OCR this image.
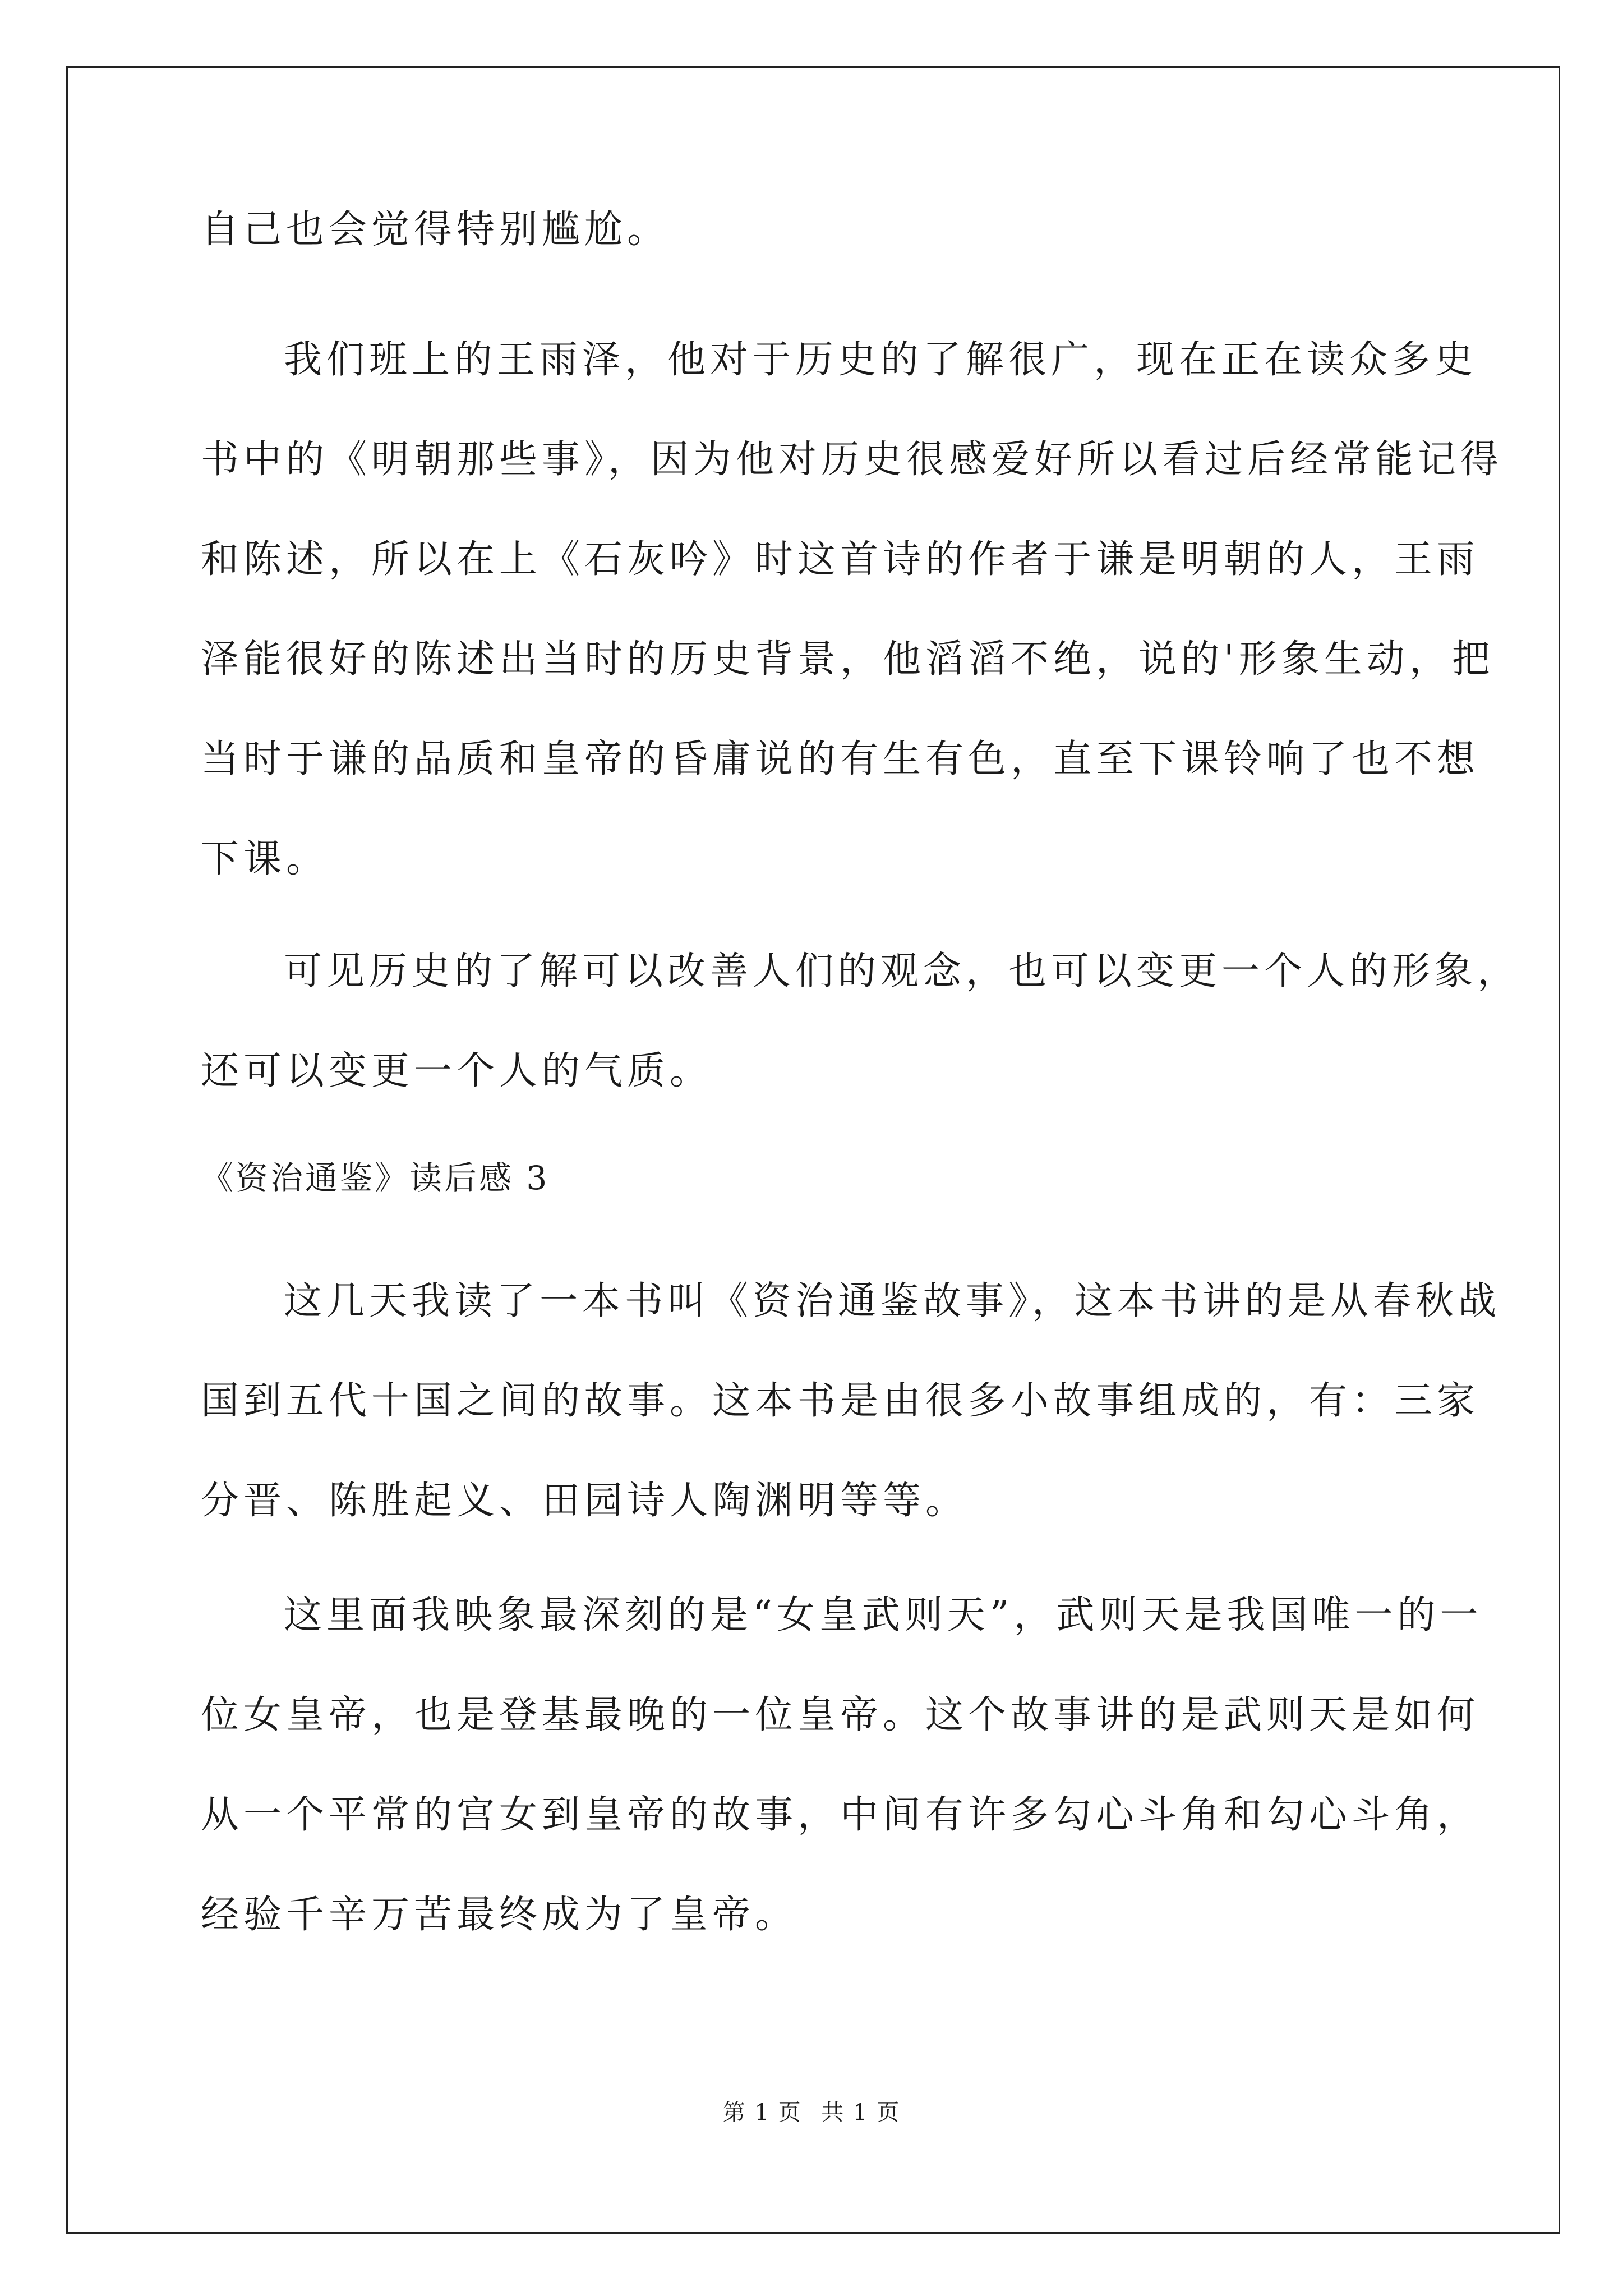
自己也会觉得特别尴尬。
我们班上的王雨泽，他对于历史的了解很广，现在正在读众多史
书中的《明朝那些事》，因为他对历史很感爱好所以看过后经常能记得
和陈述，所以在上《石灰吟》时这首诗的作者于谦是明朝的人，王雨
泽能很好的陈述出当时的历史背景，他滔滔不绝，说的'形象生动，把
当时于谦的品质和皇帝的昏庸说的有生有色，直至下课铃响了也不想
下课。
可见历史的了解可以改善人们的观念，也可以变更一个人的形象，
还可以变更一个人的气质。
《资治通鉴》读后感 3
这几天我读了一本书叫《资治通鉴故事》，这本书讲的是从春秋战
国到五代十国之间的故事。这本书是由很多小故事组成的，有：三家
分晋、陈胜起义、田园诗人陶渊明等等。
这里面我映象最深刻的是“女皇武则天”，武则天是我国唯一的一
位女皇帝，也是登基最晚的一位皇帝。这个故事讲的是武则天是如何
从一个平常的宫女到皇帝的故事，中间有许多勾心斗角和勾心斗角，
经验千辛万苦最终成为了皇帝。
第 1 页 共 1 页
